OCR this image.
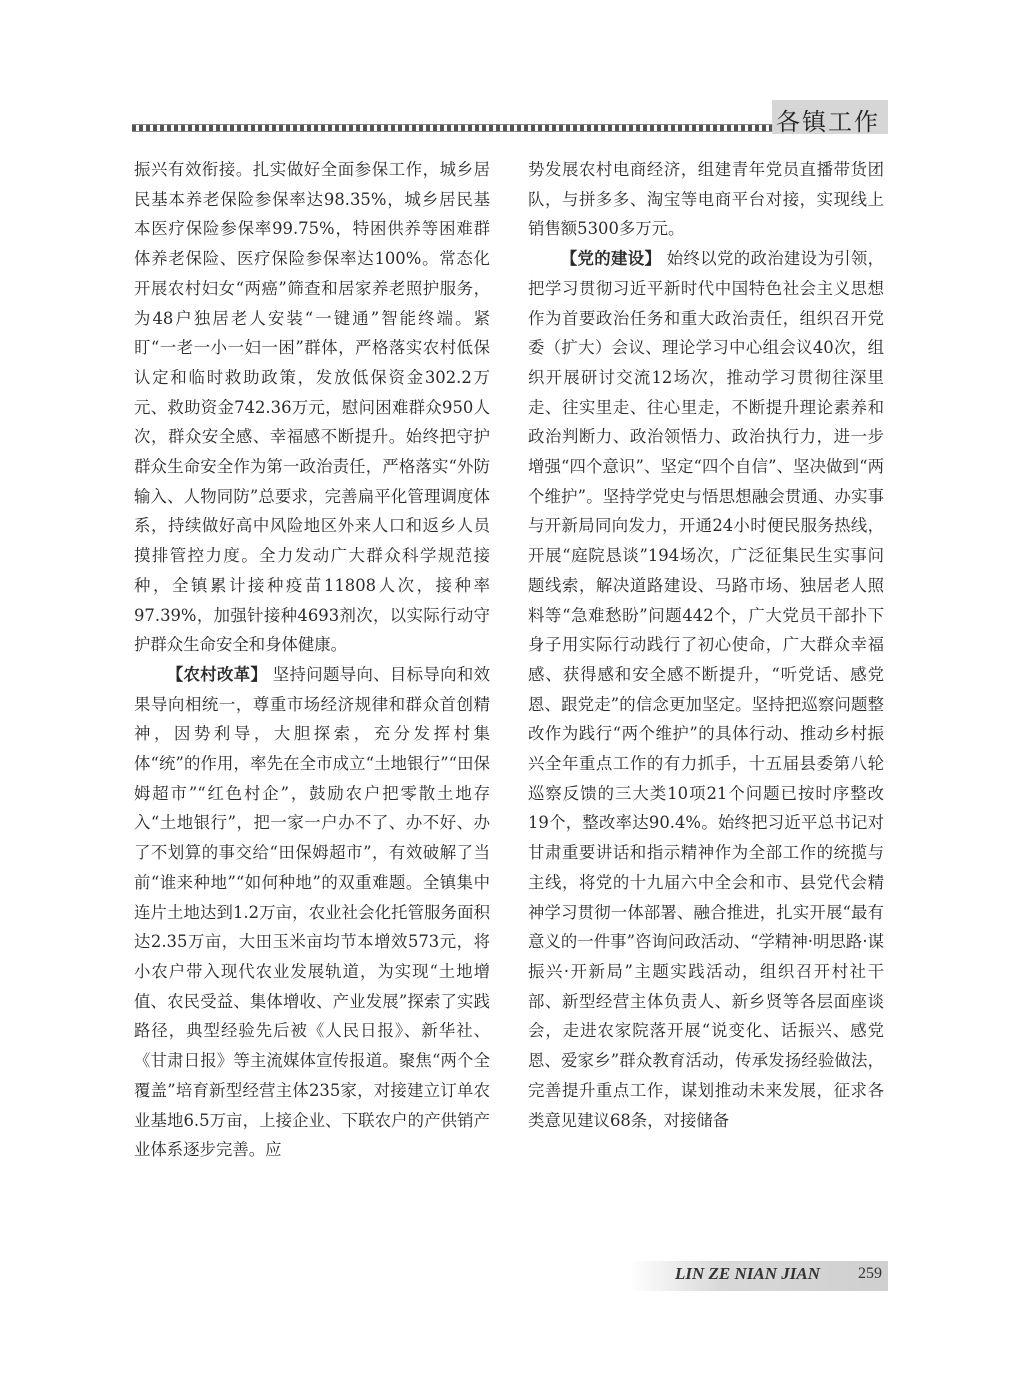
各镇工作

振兴有效衔接。扎实做好全面参保工作，城乡居民基本养老保险参保率达98.35%，城乡居民基本医疗保险参保率99.75%，特困供养等困难群体养老保险、医疗保险参保率达100%。常态化开展农村妇女“两癌”筛查和居家养老照护服务，为48户独居老人安装“一键通”智能终端。紧盯“一老一小一妇一困”群体，严格落实农村低保认定和临时救助政策，发放低保资金302.2万元、救助资金742.36万元，慰问困难群众950人次，群众安全感、幸福感不断提升。始终把守护群众生命安全作为第一政治责任，严格落实“外防输入、人物同防”总要求，完善扁平化管理调度体系，持续做好高中风险地区外来人口和返乡人员摸排管控力度。全力发动广大群众科学规范接种，全镇累计接种疫苗11808人次，接种率97.39%，加强针接种4693剂次，以实际行动守护群众生命安全和身体健康。

【农村改革】 坚持问题导向、目标导向和效果导向相统一，尊重市场经济规律和群众首创精神，因势利导，大胆探索，充分发挥村集体“统”的作用，率先在全市成立“土地银行”“田保姆超市”“红色村企”，鼓励农户把零散土地存入“土地银行”，把一家一户办不了、办不好、办了不划算的事交给“田保姆超市”，有效破解了当前“谁来种地”“如何种地”的双重难题。全镇集中连片土地达到1.2万亩，农业社会化托管服务面积达2.35万亩，大田玉米亩均节本增效573元，将小农户带入现代农业发展轨道，为实现“土地增值、农民受益、集体增收、产业发展”探索了实践路径，典型经验先后被《人民日报》、新华社、《甘肃日报》等主流媒体宣传报道。聚焦“两个全覆盖”培育新型经营主体235家，对接建立订单农业基地6.5万亩，上接企业、下联农户的产供销产业体系逐步完善。应

势发展农村电商经济，组建青年党员直播带货团队，与拼多多、淘宝等电商平台对接，实现线上销售额5300多万元。

【党的建设】 始终以党的政治建设为引领，把学习贯彻习近平新时代中国特色社会主义思想作为首要政治任务和重大政治责任，组织召开党委（扩大）会议、理论学习中心组会议40次，组织开展研讨交流12场次，推动学习贯彻往深里走、往实里走、往心里走，不断提升理论素养和政治判断力、政治领悟力、政治执行力，进一步增强“四个意识”、坚定“四个自信”、坚决做到“两个维护”。坚持学党史与悟思想融会贯通、办实事与开新局同向发力，开通24小时便民服务热线，开展“庭院恳谈”194场次，广泛征集民生实事问题线索，解决道路建设、马路市场、独居老人照料等“急难愁盼”问题442个，广大党员干部扑下身子用实际行动践行了初心使命，广大群众幸福感、获得感和安全感不断提升，“听党话、感党恩、跟党走”的信念更加坚定。坚持把巡察问题整改作为践行“两个维护”的具体行动、推动乡村振兴全年重点工作的有力抓手，十五届县委第八轮巡察反馈的三大类10项21个问题已按时序整改19个，整改率达90.4%。始终把习近平总书记对甘肃重要讲话和指示精神作为全部工作的统揽与主线，将党的十九届六中全会和市、县党代会精神学习贯彻一体部署、融合推进，扎实开展“最有意义的一件事”咨询问政活动、“学精神·明思路·谋振兴·开新局”主题实践活动，组织召开村社干部、新型经营主体负责人、新乡贤等各层面座谈会，走进农家院落开展“说变化、话振兴、感党恩、爱家乡”群众教育活动，传承发扬经验做法，完善提升重点工作，谋划推动未来发展，征求各类意见建议68条，对接储备

LIN ZE NIAN JIAN 259
